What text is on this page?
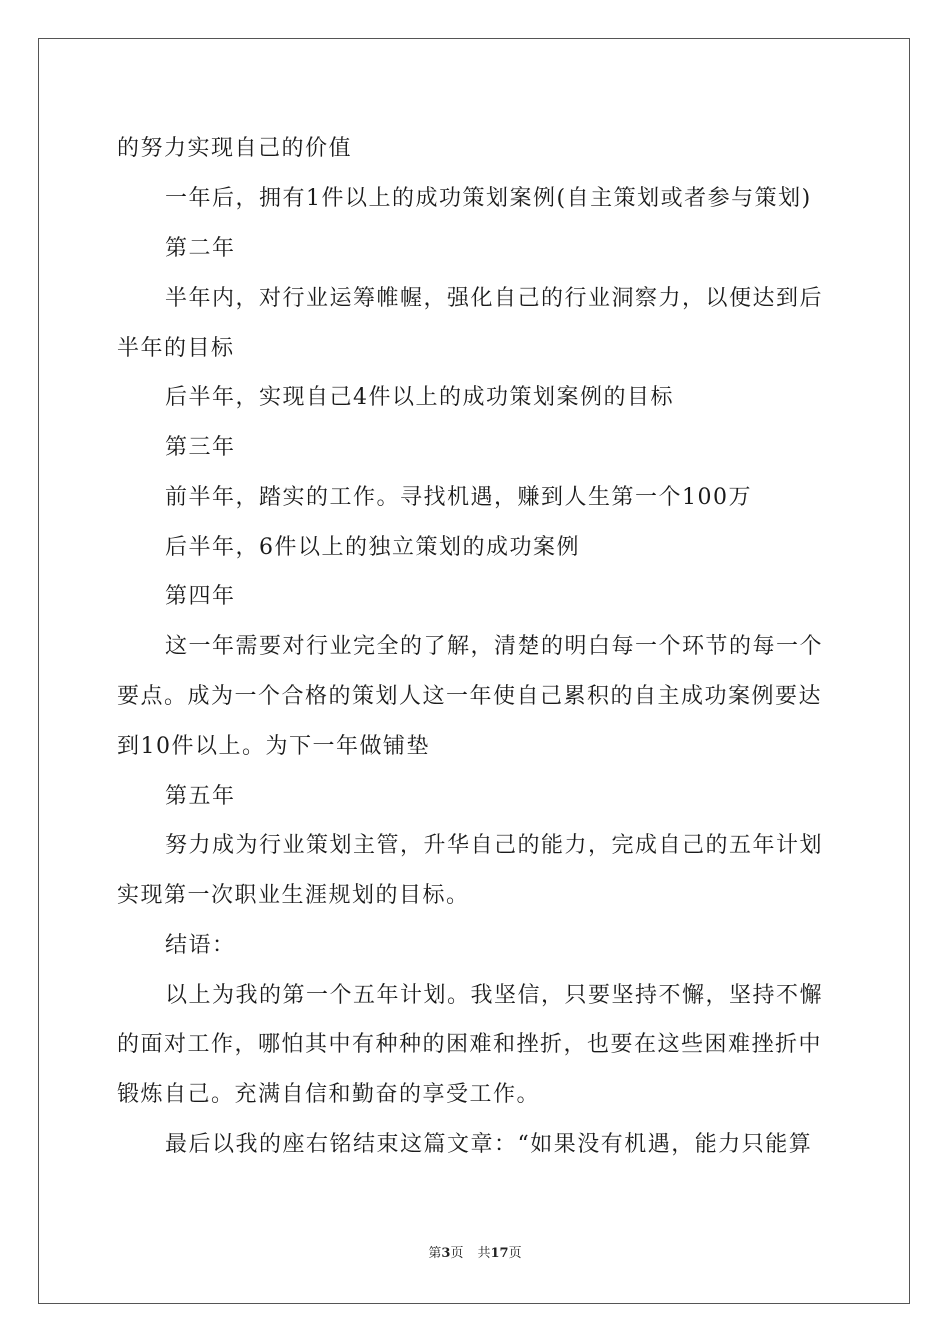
的努力实现自己的价值
一年后，拥有1件以上的成功策划案例(自主策划或者参与策划)
第二年
半年内，对行业运筹帷幄，强化自己的行业洞察力，以便达到后
半年的目标
后半年，实现自己4件以上的成功策划案例的目标
第三年
前半年，踏实的工作。寻找机遇，赚到人生第一个100万
后半年，6件以上的独立策划的成功案例
第四年
这一年需要对行业完全的了解，清楚的明白每一个环节的每一个
要点。成为一个合格的策划人这一年使自己累积的自主成功案例要达
到10件以上。为下一年做铺垫
第五年
努力成为行业策划主管，升华自己的能力，完成自己的五年计划
实现第一次职业生涯规划的目标。
结语：
以上为我的第一个五年计划。我坚信，只要坚持不懈，坚持不懈
的面对工作，哪怕其中有种种的困难和挫折，也要在这些困难挫折中
锻炼自己。充满自信和勤奋的享受工作。
最后以我的座右铭结束这篇文章：“如果没有机遇，能力只能算
第3页 共17页
